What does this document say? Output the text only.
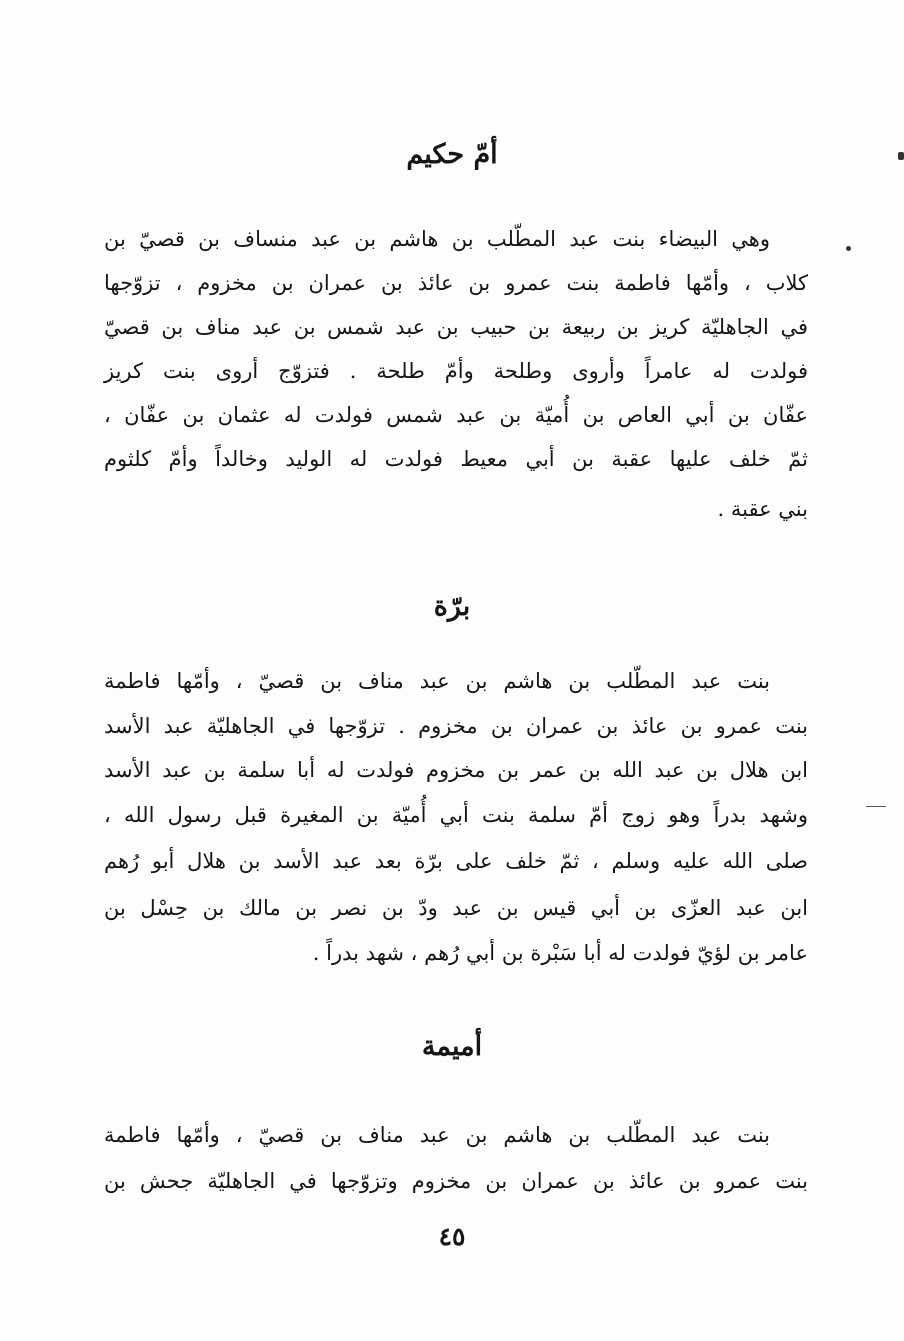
أمّ حكيم
وهي البيضاء بنت عبد المطّلب بن هاشم بن عبد منساف بن قصيّ بن
كلاب ، وأمّها فاطمة بنت عمرو بن عائذ بن عمران بن مخزوم ، تزوّجها
في الجاهليّة كريز بن ربيعة بن حبيب بن عبد شمس بن عبد مناف بن قصيّ
فولدت له عامراً وأروى وطلحة وأمّ طلحة . فتزوّج أروى بنت كريز
عفّان بن أبي العاص بن أُميّة بن عبد شمس فولدت له عثمان بن عفّان ،
ثمّ خلف عليها عقبة بن أبي معيط فولدت له الوليد وخالداً وأمّ كلثوم
بني عقبة .
برّة
بنت عبد المطّلب بن هاشم بن عبد مناف بن قصيّ ، وأمّها فاطمة
بنت عمرو بن عائذ بن عمران بن مخزوم . تزوّجها في الجاهليّة عبد الأسد
ابن هلال بن عبد الله بن عمر بن مخزوم فولدت له أبا سلمة بن عبد الأسد
وشهد بدراً وهو زوج أمّ سلمة بنت أبي أُميّة بن المغيرة قبل رسول الله ،
صلى الله عليه وسلم ، ثمّ خلف على برّة بعد عبد الأسد بن هلال أبو رُهم
ابن عبد العزّى بن أبي قيس بن عبد ودّ بن نصر بن مالك بن حِسْل بن
عامر بن لؤيّ فولدت له أبا سَبْرة بن أبي رُهم ، شهد بدراً .
أميمة
بنت عبد المطّلب بن هاشم بن عبد مناف بن قصيّ ، وأمّها فاطمة
بنت عمرو بن عائذ بن عمران بن مخزوم وتزوّجها في الجاهليّة جحش بن
٤٥
